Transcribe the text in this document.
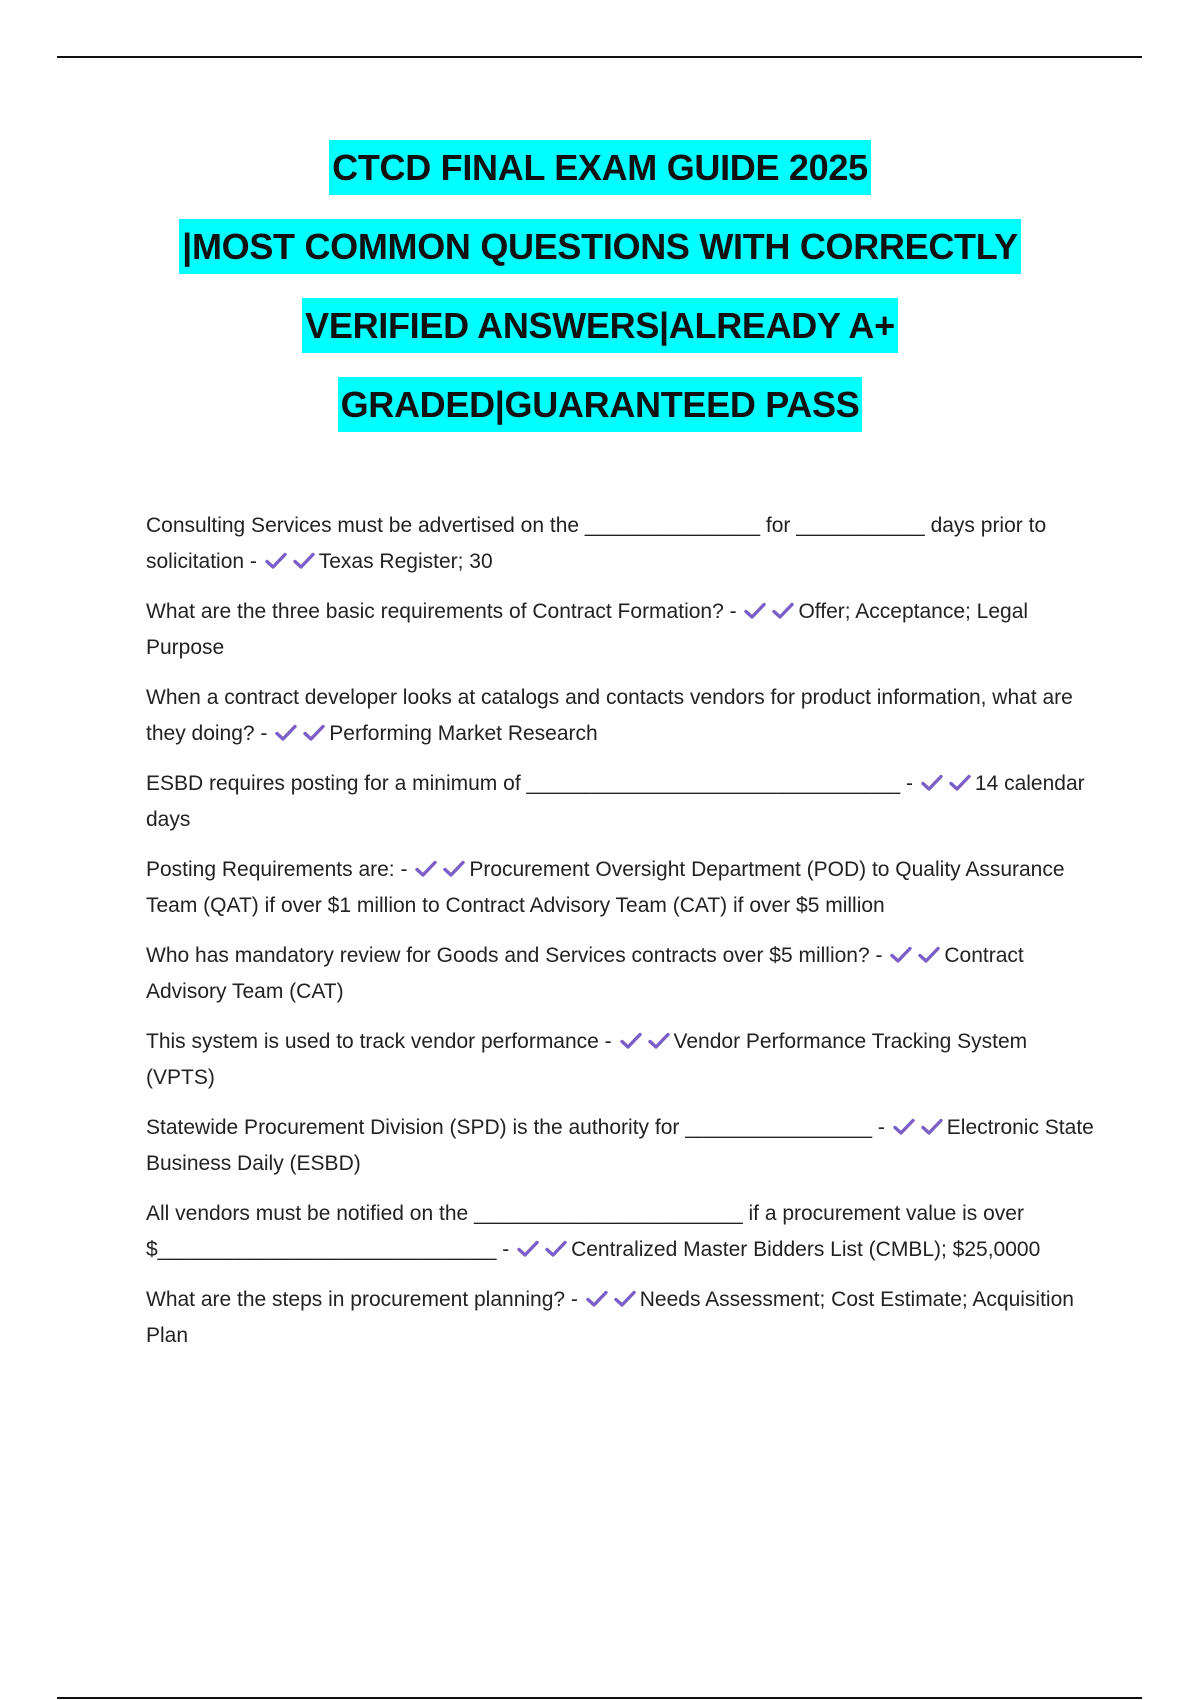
CTCD FINAL EXAM GUIDE 2025
|MOST COMMON QUESTIONS WITH CORRECTLY
VERIFIED ANSWERS|ALREADY A+
GRADED|GUARANTEED PASS
Consulting Services must be advertised on the _______________ for ___________ days prior to solicitation -	Texas Register; 30
What are the three basic requirements of Contract Formation? -	Offer; Acceptance; Legal Purpose
When a contract developer looks at catalogs and contacts vendors for product information, what are they doing? -	Performing Market Research
ESBD requires posting for a minimum of ________________________________ -	14 calendar days
Posting Requirements are: -	Procurement Oversight Department (POD) to Quality Assurance Team (QAT) if over $1 million to Contract Advisory Team (CAT) if over $5 million
Who has mandatory review for Goods and Services contracts over $5 million? -	Contract Advisory Team (CAT)
This system is used to track vendor performance -	Vendor Performance Tracking System (VPTS)
Statewide Procurement Division (SPD) is the authority for ________________ -	Electronic State Business Daily (ESBD)
All vendors must be notified on the _______________________ if a procurement value is over $_____________________________ -	Centralized Master Bidders List (CMBL); $25,0000
What are the steps in procurement planning? -	Needs Assessment; Cost Estimate; Acquisition Plan
